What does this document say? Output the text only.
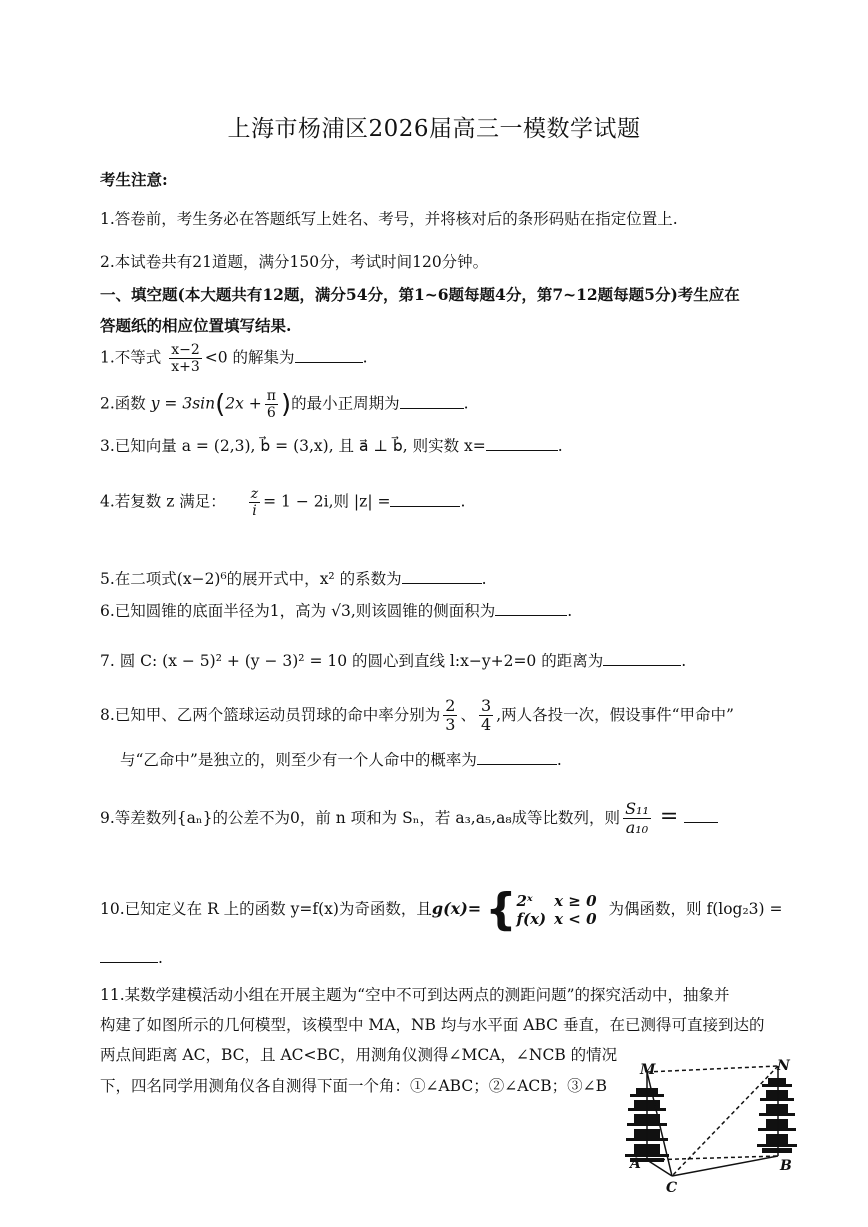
上海市杨浦区2026届高三一模数学试题
考生注意:
1.答卷前，考生务必在答题纸写上姓名、考号，并将核对后的条形码贴在指定位置上.
2.本试卷共有21道题，满分150分，考试时间120分钟。
一、填空题(本大题共有12题，满分54分，第1~6题每题4分，第7~12题每题5分)考生应在
答题纸的相应位置填写结果.
1.不等式 $\frac{x-2}{x+3} <0$ 的解集为	.
2.函数 $y = 3\sin(2x + \frac{\pi}{6}$ )的最小正周期为	.
3.已知向量 a = (2,3), b⃗ = (3,x), 且 a⃗ ⊥ b⃗, 则实数 x=	.
4.若复数 z 满足： $\frac{z}{i} = 1 - 2i$,则 |z| =	.
5.在二项式(x−2)⁶的展开式中，x² 的系数为	.
6.已知圆锥的底面半径为1，高为 √3,则该圆锥的侧面积为	.
7. 圆 C: (x − 5)² + (y − 3)² = 10 的圆心到直线 l:x−y+2=0 的距离为	.
8.已知甲、乙两个篮球运动员罚球的命中率分别为 $\frac{2}{3}$ 、 $\frac{3}{4}$ ,两人各投一次，假设事件“甲命中”
与“乙命中”是独立的，则至少有一个人命中的概率为	.
9.等差数列{aₙ}的公差不为0，前 n 项和为 Sₙ，若 a₃,a₅,a₈成等比数列，则 $\frac{\text{S₁₁}}{\text{a₁₀}}$ =
10.已知定义在 R 上的函数 y=f(x)为奇函数，且g(x)={ 2ˣ	x ≥ 0
f(x)	x < 0为偶函数，则 f(log₂3) =
.
11.某数学建模活动小组在开展主题为“空中不可到达两点的测距问题”的探究活动中，抽象并
构建了如图所示的几何模型，该模型中 MA，NB 均与水平面 ABC 垂直，在已测得可直接到达的
两点间距离 AC，BC，且 AC<BC，用测角仪测得∠MCA，∠NCB 的情况
下，四名同学用测角仪各自测得下面一个角：①∠ABC；②∠ACB；③∠B
M	N
A	B
C
